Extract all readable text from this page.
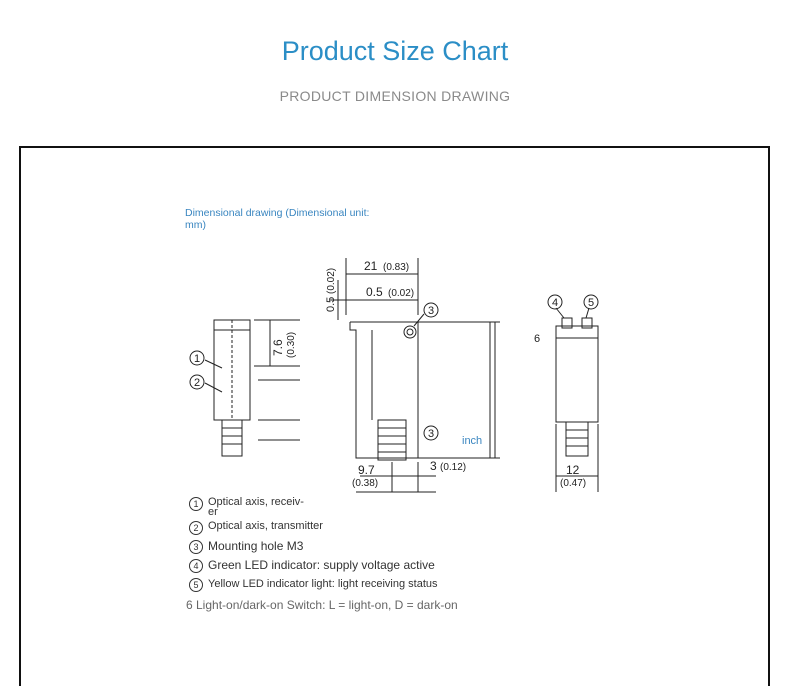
Product Size Chart
PRODUCT DIMENSION DRAWING
Dimensional drawing (Dimensional unit: mm)
1
2
3
3
4	5
6
21 (0.83)
0.5 (0.02)
9.7
(0.38)
3 (0.12)	12
(0.47)
inch
0.5
(0.02)
7.6 (0.30)
1 Optical axis, receiv-er
2 Optical axis, transmitter
3 Mounting hole M3
4 Green LED indicator: supply voltage active
5 Yellow LED indicator light: light receiving status
6 Light-on/dark-on Switch: L = light-on, D = dark-on
